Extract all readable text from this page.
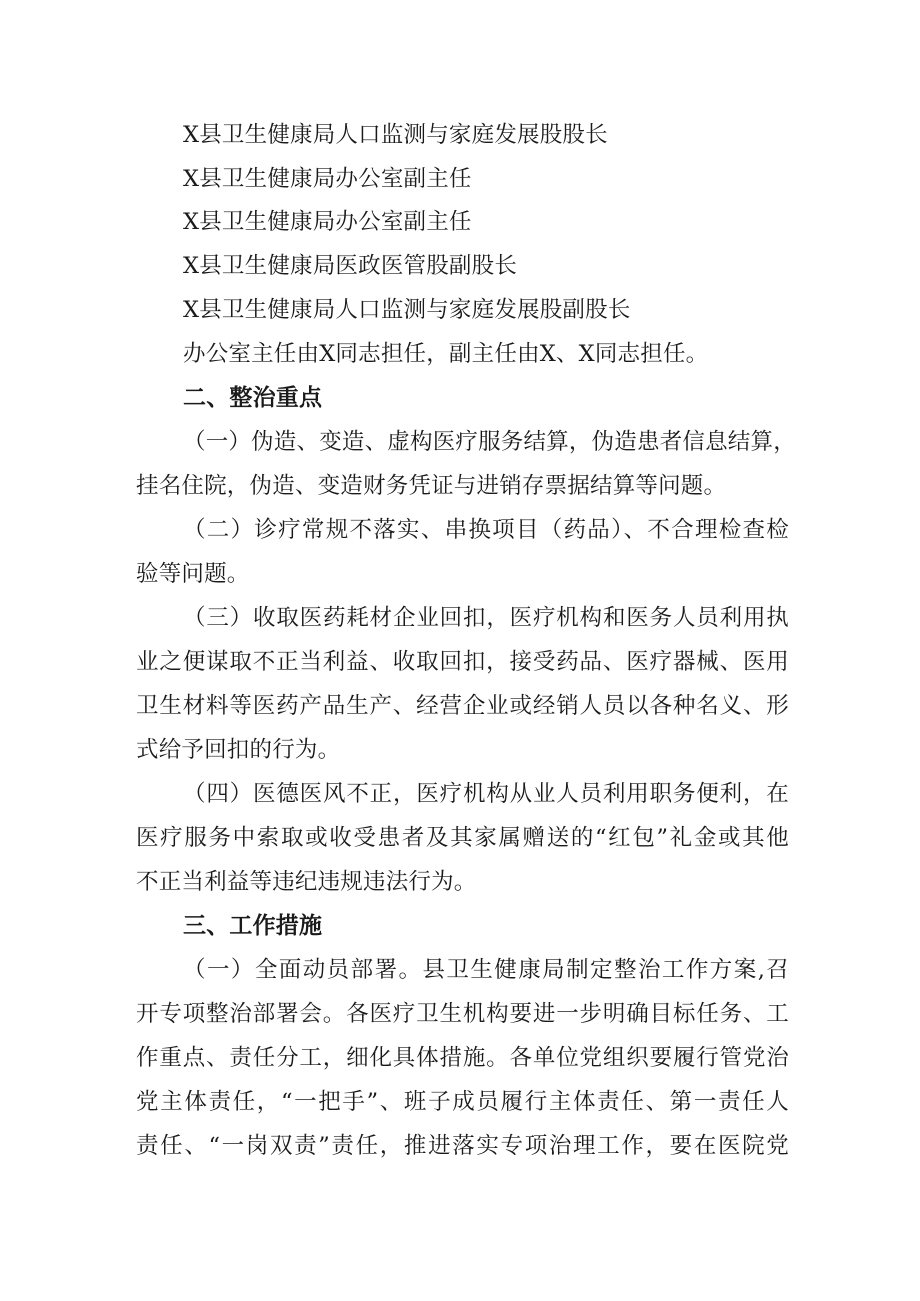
X县卫生健康局人口监测与家庭发展股股长
X县卫生健康局办公室副主任
X县卫生健康局办公室副主任
X县卫生健康局医政医管股副股长
X县卫生健康局人口监测与家庭发展股副股长
办公室主任由X同志担任，副主任由X、X同志担任。
二、整治重点
（一）伪造、变造、虚构医疗服务结算，伪造患者信息结算，
挂名住院，伪造、变造财务凭证与进销存票据结算等问题。
（二）诊疗常规不落实、串换项目（药品）、不合理检查检
验等问题。
（三）收取医药耗材企业回扣，医疗机构和医务人员利用执
业之便谋取不正当利益、收取回扣，接受药品、医疗器械、医用
卫生材料等医药产品生产、经营企业或经销人员以各种名义、形
式给予回扣的行为。
（四）医德医风不正，医疗机构从业人员利用职务便利，在
医疗服务中索取或收受患者及其家属赠送的“红包”礼金或其他
不正当利益等违纪违规违法行为。
三、工作措施
（一）全面动员部署。县卫生健康局制定整治工作方案,召
开专项整治部署会。各医疗卫生机构要进一步明确目标任务、工
作重点、责任分工，细化具体措施。各单位党组织要履行管党治
党主体责任，“一把手”、班子成员履行主体责任、第一责任人
责任、“一岗双责”责任，推进落实专项治理工作，要在医院党
